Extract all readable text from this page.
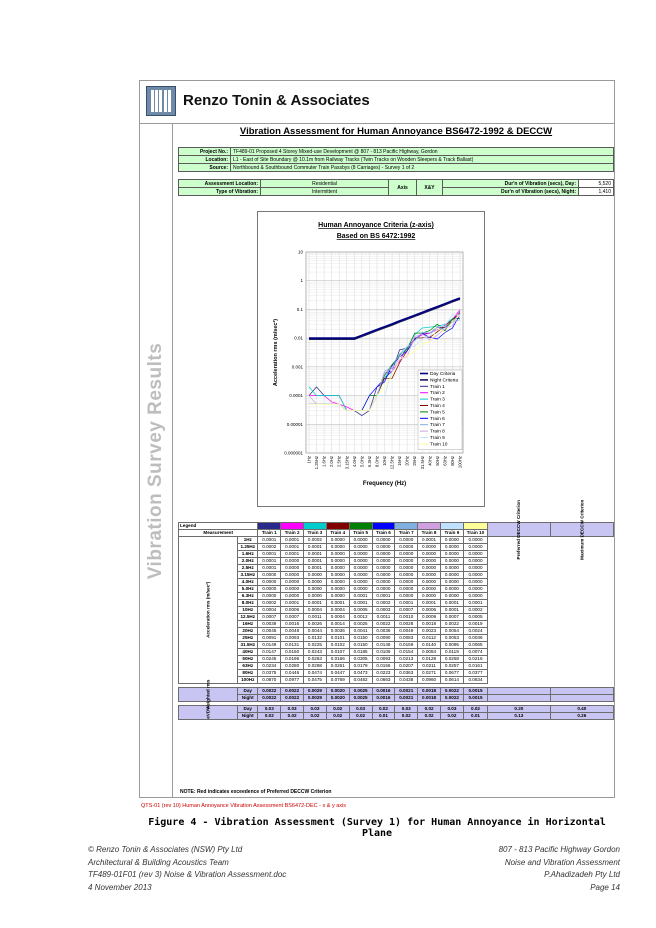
Renzo Tonin & Associates
Vibration Survey Results
Vibration Assessment for Human Annoyance BS6472-1992 & DECCW
Project No.:	TF489-01 Proposed 4 Storey Mixed-use Development @ 807 - 813 Pacific Highway, Gordon
Location:	L1 - East of Site Boundary @ 10.1m from Railway Tracks (Twin Tracks on Wooden Sleepers & Track Ballast)
Source:	Northbound & Southbound Commuter Train Passbys (8 Carriages) - Survey 1 of 2
Assessment Location:	Residential	Axis	X&Y	Dur'n of Vibration (secs), Day:	5,520
Type of Vibration:	Intermittent			Dur'n of Vibration (secs), Night:	1,410
Human Annoyance Criteria (z-axis)
Based on BS 6472:1992
0.000001
0.00001
0.0001
0.001
0.01
0.1
1
10
1Hz 1.25Hz 1.6Hz 2.0Hz 2.5Hz 3.15Hz 4.0Hz 5.0Hz 6.3Hz 8.0Hz 10Hz 12.5Hz 16Hz 20Hz 25Hz 31.5Hz 40Hz 50Hz 63Hz 80Hz 100Hz
Frequency (Hz)
Acceleration rms (m/sec²)	Day Criteria
Night Criteria
Train 1
Train 2
Train 3
Train 4
Train 5
Train 6
Train 7
Train 8
Train 9
Train 10
Legend												Preferred DECCW Criterion	Maximum DECCW Criterion

Measurement		Train 1	Train 2	Train 3	Train 4	Train 5	Train 6	Train 7	Train 8	Train 9	Train 10		

Acceleration rms (m/sec²)	1Hz	0.0001	0.0001	0.0002	0.0000	0.0000	0.0000	0.0000	0.0001	0.0000	0.0000		
	1.25Hz	0.0002	0.0001	0.0001	0.0000	0.0000	0.0000	0.0000	0.0000	0.0000	0.0000		
	1.6Hz	0.0001	0.0001	0.0001	0.0000	0.0000	0.0000	0.0000	0.0000	0.0000	0.0000		
	2.0Hz	0.0001	0.0000	0.0001	0.0000	0.0000	0.0000	0.0000	0.0000	0.0000	0.0000		
	2.5Hz	0.0001	0.0000	0.0001	0.0000	0.0000	0.0000	0.0000	0.0000	0.0000	0.0000		
	3.15Hz	0.0000	0.0000	0.0000	0.0000	0.0000	0.0000	0.0000	0.0000	0.0000	0.0000		
	4.0Hz	0.0000	0.0000	0.0000	0.0000	0.0000	0.0000	0.0000	0.0000	0.0000	0.0000		
	5.0Hz	0.0000	0.0000	0.0000	0.0000	0.0000	0.0000	0.0000	0.0000	0.0000	0.0000		
	6.3Hz	0.0000	0.0000	0.0000	0.0000	0.0001	0.0001	0.0000	0.0000	0.0000	0.0000		
	8.0Hz	0.0002	0.0001	0.0001	0.0001	0.0001	0.0002	0.0001	0.0001	0.0001	0.0001		
	10Hz	0.0004	0.0006	0.0004	0.0004	0.0005	0.0003	0.0007	0.0006	0.0001	0.0002		
	12.5Hz	0.0007	0.0007	0.0011	0.0004	0.0012	0.0011	0.0010	0.0009	0.0007	0.0005		
	16Hz	0.0039	0.0016	0.0026	0.0014	0.0025	0.0022	0.0028	0.0018	0.0022	0.0019		
	20Hz	0.0045	0.0048	0.0044	0.0036	0.0041	0.0036	0.0049	0.0023	0.0054	0.0024		
	25Hz	0.0091	0.0093	0.0132	0.0101	0.0150	0.0090	0.0083	0.0112	0.0053	0.0036		
	31.5Hz	0.0149	0.0131	0.0225	0.0102	0.0150	0.0146	0.0159	0.0140	0.0095	0.0065		
	40Hz	0.0147	0.0150	0.0243	0.0107	0.0185	0.0106	0.0154	0.0084	0.0119	0.0074		
	50Hz	0.0245	0.0196	0.0263	0.0166	0.0305	0.0093	0.0213	0.0128	0.0258	0.0216		
	63Hz	0.0234	0.0280	0.0298	0.0261	0.0179	0.0156	0.0207	0.0211	0.0257	0.0161		
	80Hz	0.0375	0.0446	0.0474	0.0447	0.0473	0.0223	0.0363	0.0271	0.0677	0.0377		
	100Hz	0.0870	0.0977	0.0475	0.0769	0.0482	0.0663	0.0438	0.0960	0.0614	0.0634		

Weighted rms	Day	0.0022	0.0022	0.0029	0.0020	0.0025	0.0016	0.0021	0.0018	0.0022	0.0015		
	Night	0.0022	0.0022	0.0029	0.0020	0.0025	0.0016	0.0021	0.0018	0.0022	0.0015		

eVDV	Day	0.03	0.03	0.03	0.02	0.03	0.02	0.03	0.02	0.03	0.02	0.20	0.40
	Night	0.02	0.02	0.02	0.02	0.02	0.01	0.02	0.02	0.02	0.01	0.13	0.26
NOTE: Red indicates exceedence of Preferred DECCW Criterion
QTS-01 (rev 10) Human Annoyance Vibration Assessment BS6472-DEC - x & y axis
Figure 4 - Vibration Assessment (Survey 1) for Human Annoyance in Horizontal Plane
© Renzo Tonin & Associates (NSW) Pty Ltd
Architectural & Building Acoustics Team
TF489-01F01 (rev 3) Noise & Vibration Assessment.doc
4 November 2013
807 - 813 Pacific Highway Gordon
Noise and Vibration Assessment
P.Ahadizadeh Pty Ltd
Page 14
